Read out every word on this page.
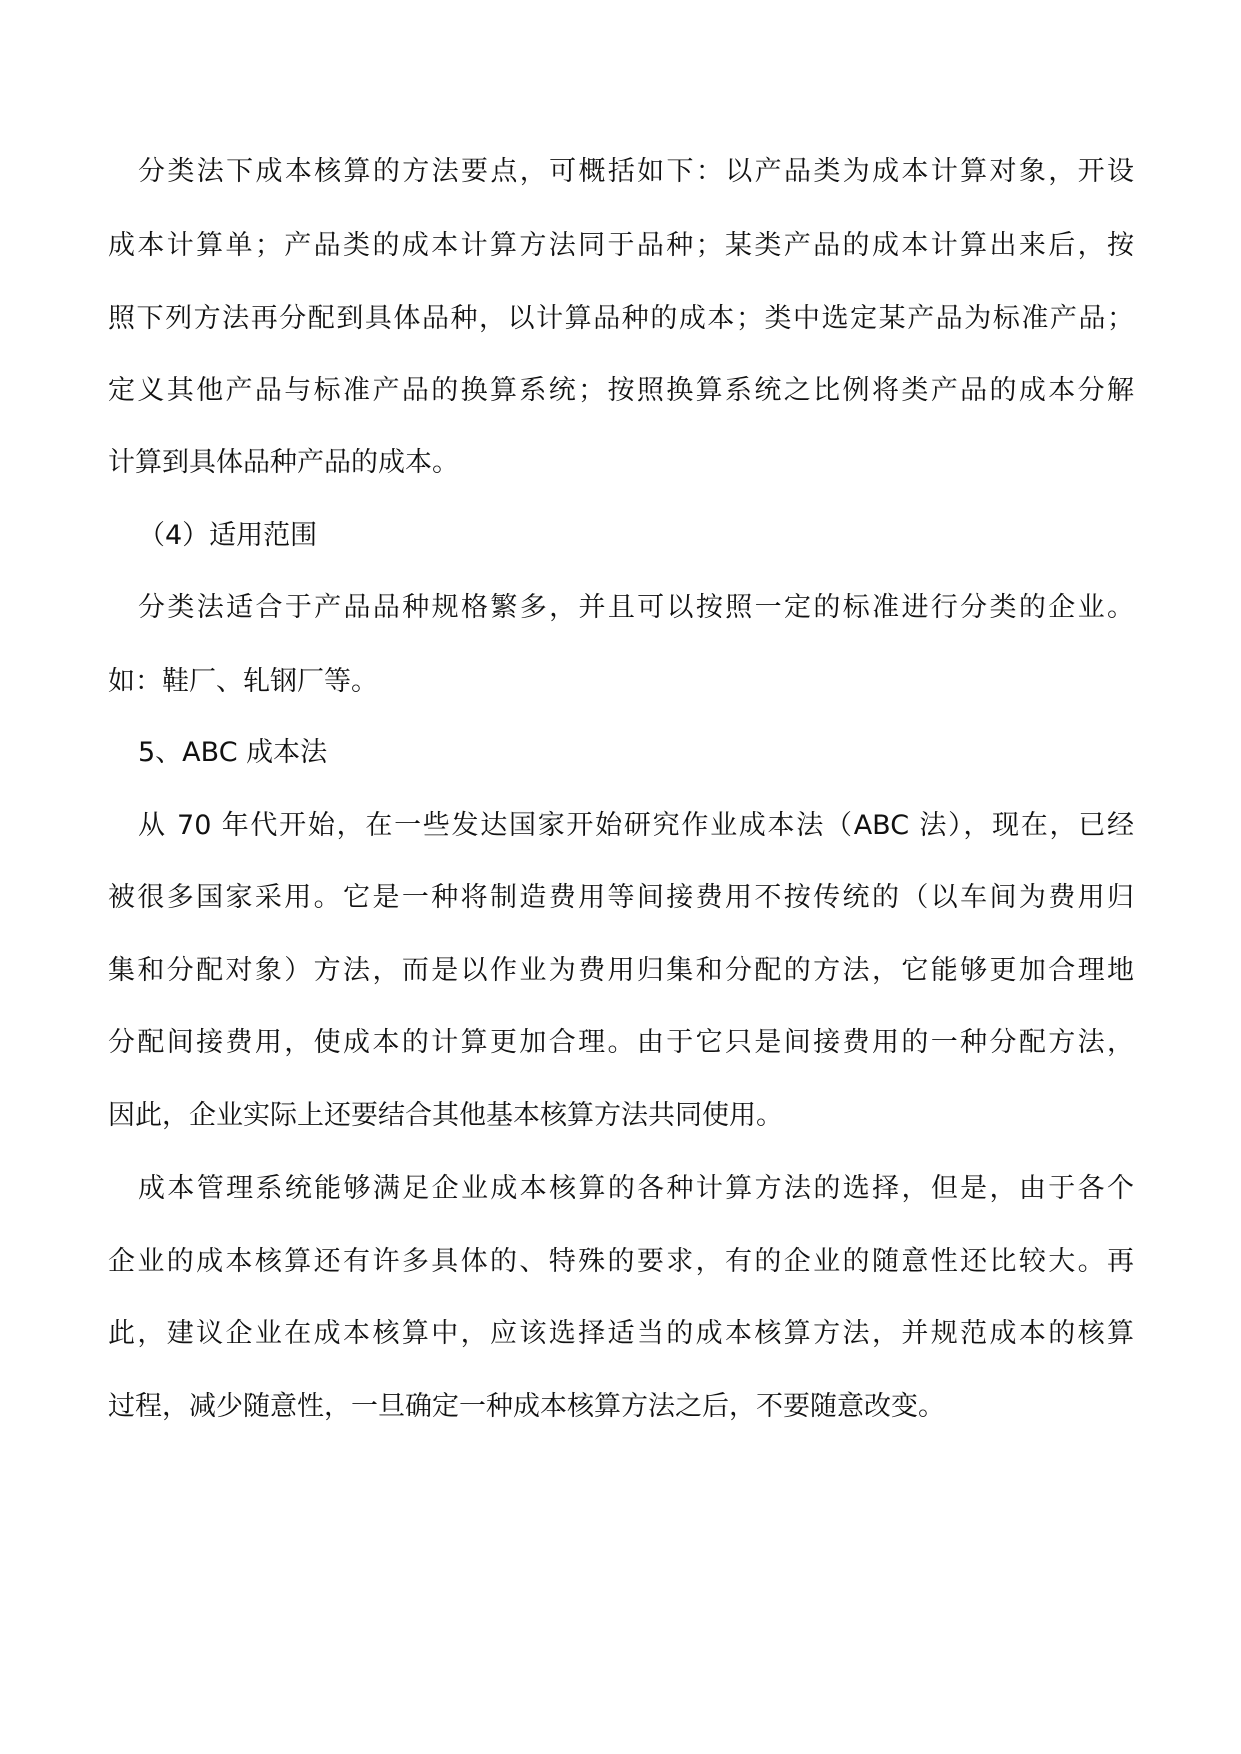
分类法下成本核算的方法要点，可概括如下：以产品类为成本计算对象，开设
成本计算单；产品类的成本计算方法同于品种；某类产品的成本计算出来后，按
照下列方法再分配到具体品种，以计算品种的成本；类中选定某产品为标准产品；
定义其他产品与标准产品的换算系统；按照换算系统之比例将类产品的成本分解
计算到具体品种产品的成本。
（4）适用范围
分类法适合于产品品种规格繁多，并且可以按照一定的标准进行分类的企业。
如：鞋厂、轧钢厂等。
5、ABC 成本法
从 70 年代开始，在一些发达国家开始研究作业成本法（ABC 法），现在，已经
被很多国家采用。它是一种将制造费用等间接费用不按传统的（以车间为费用归
集和分配对象）方法，而是以作业为费用归集和分配的方法，它能够更加合理地
分配间接费用，使成本的计算更加合理。由于它只是间接费用的一种分配方法，
因此，企业实际上还要结合其他基本核算方法共同使用。
成本管理系统能够满足企业成本核算的各种计算方法的选择，但是，由于各个
企业的成本核算还有许多具体的、特殊的要求，有的企业的随意性还比较大。再
此，建议企业在成本核算中，应该选择适当的成本核算方法，并规范成本的核算
过程，减少随意性，一旦确定一种成本核算方法之后，不要随意改变。
